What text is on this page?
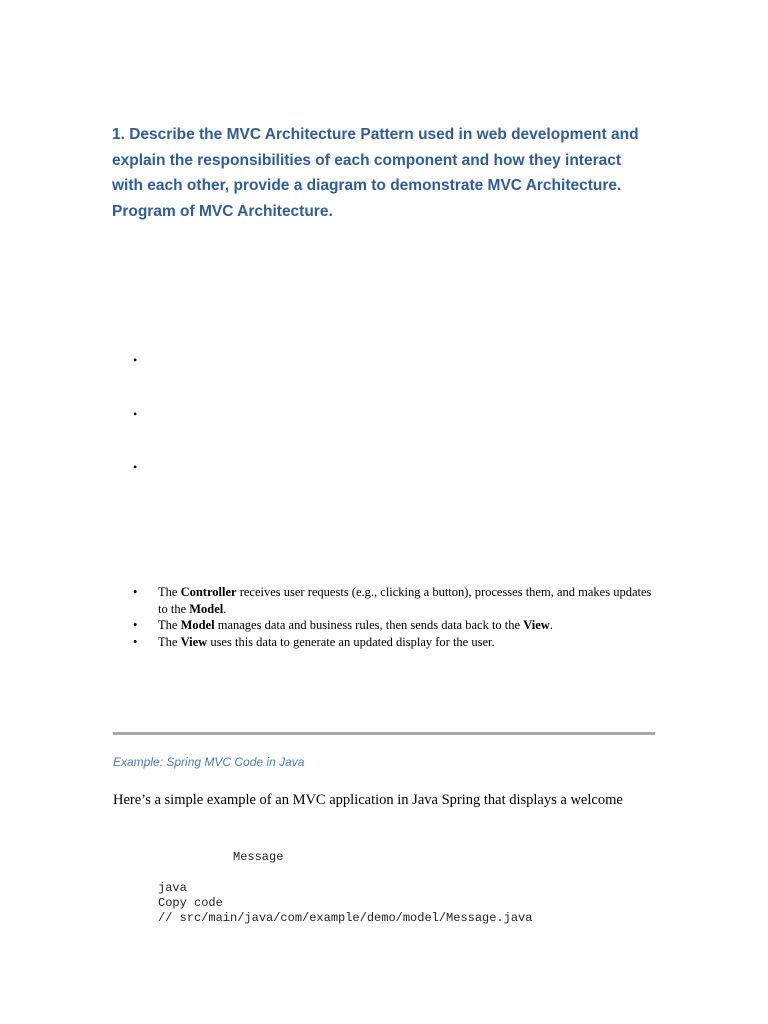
1. Describe the MVC Architecture Pattern used in web development and
explain the responsibilities of each component and how they interact
with each other, provide a diagram to demonstrate MVC Architecture.
Program of MVC Architecture.
•
•
•
• The Controller receives user requests (e.g., clicking a button), processes them, and makes updates to the Model.
• The Model manages data and business rules, then sends data back to the View.
• The View uses this data to generate an updated display for the user.
Example: Spring MVC Code in Java
Here’s a simple example of an MVC application in Java Spring that displays a welcome
Message
java
Copy code
// src/main/java/com/example/demo/model/Message.java
